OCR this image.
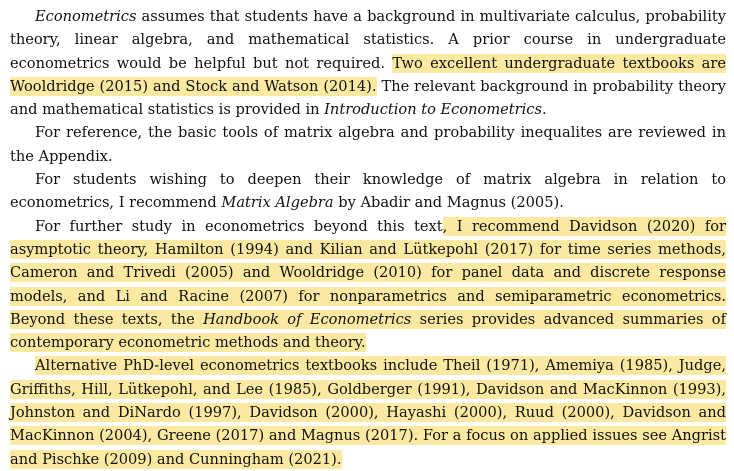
Econometrics assumes that students have a background in multivariate calculus, probability theory, linear algebra, and mathematical statistics. A prior course in undergraduate econometrics would be helpful but not required. Two excellent undergraduate textbooks are Wooldridge (2015) and Stock and Watson (2014). The relevant background in probability theory and mathematical statistics is provided in Introduction to Econometrics.

For reference, the basic tools of matrix algebra and probability inequalites are reviewed in the Appendix.

For students wishing to deepen their knowledge of matrix algebra in relation to econometrics, I recommend Matrix Algebra by Abadir and Magnus (2005).

For further study in econometrics beyond this text, I recommend Davidson (2020) for asymptotic theory, Hamilton (1994) and Kilian and Lütkepohl (2017) for time series methods, Cameron and Trivedi (2005) and Wooldridge (2010) for panel data and discrete response models, and Li and Racine (2007) for nonparametrics and semiparametric econometrics. Beyond these texts, the Handbook of Econometrics series provides advanced summaries of contemporary econometric methods and theory.

Alternative PhD-level econometrics textbooks include Theil (1971), Amemiya (1985), Judge, Griffiths, Hill, Lütkepohl, and Lee (1985), Goldberger (1991), Davidson and MacKinnon (1993), Johnston and DiNardo (1997), Davidson (2000), Hayashi (2000), Ruud (2000), Davidson and MacKinnon (2004), Greene (2017) and Magnus (2017). For a focus on applied issues see Angrist and Pischke (2009) and Cunningham (2021).
